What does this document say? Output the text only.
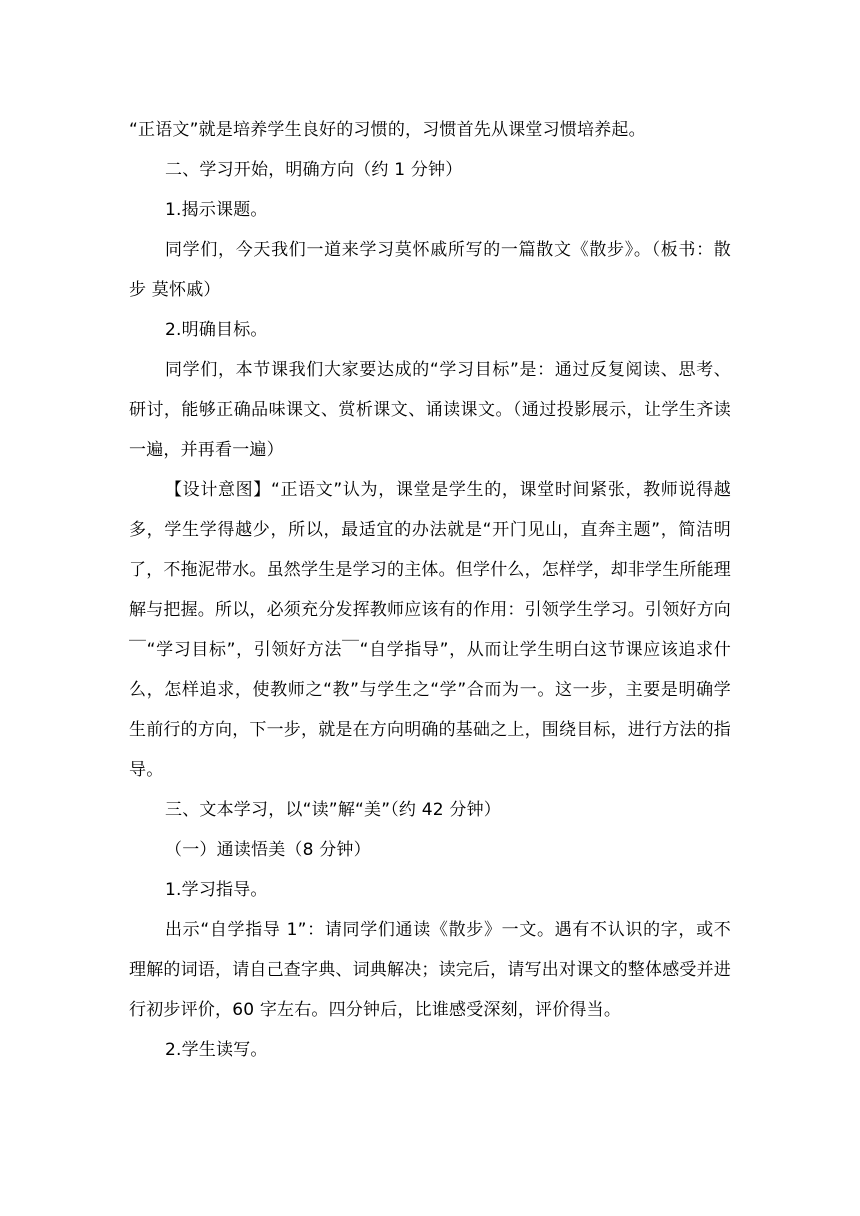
“正语文”就是培养学生良好的习惯的，习惯首先从课堂习惯培养起。

二、学习开始，明确方向（约 1 分钟）

1.揭示课题。

同学们，今天我们一道来学习莫怀戚所写的一篇散文《散步》。（板书：散步 莫怀戚）

2.明确目标。

同学们，本节课我们大家要达成的“学习目标”是：通过反复阅读、思考、研讨，能够正确品味课文、赏析课文、诵读课文。（通过投影展示，让学生齐读一遍，并再看一遍）

【设计意图】“正语文”认为，课堂是学生的，课堂时间紧张，教师说得越多，学生学得越少，所以，最适宜的办法就是“开门见山，直奔主题”，简洁明了，不拖泥带水。虽然学生是学习的主体。但学什么，怎样学，却非学生所能理解与把握。所以，必须充分发挥教师应该有的作用：引领学生学习。引领好方向￣“学习目标”，引领好方法￣“自学指导”，从而让学生明白这节课应该追求什么，怎样追求，使教师之“教”与学生之“学”合而为一。这一步，主要是明确学生前行的方向，下一步，就是在方向明确的基础之上，围绕目标，进行方法的指导。

三、文本学习，以“读”解“美”（约 42 分钟）

（一）通读悟美（8 分钟）

1.学习指导。

出示“自学指导 1”：请同学们通读《散步》一文。遇有不认识的字，或不理解的词语，请自己查字典、词典解决；读完后，请写出对课文的整体感受并进行初步评价，60 字左右。四分钟后，比谁感受深刻，评价得当。

2.学生读写。
